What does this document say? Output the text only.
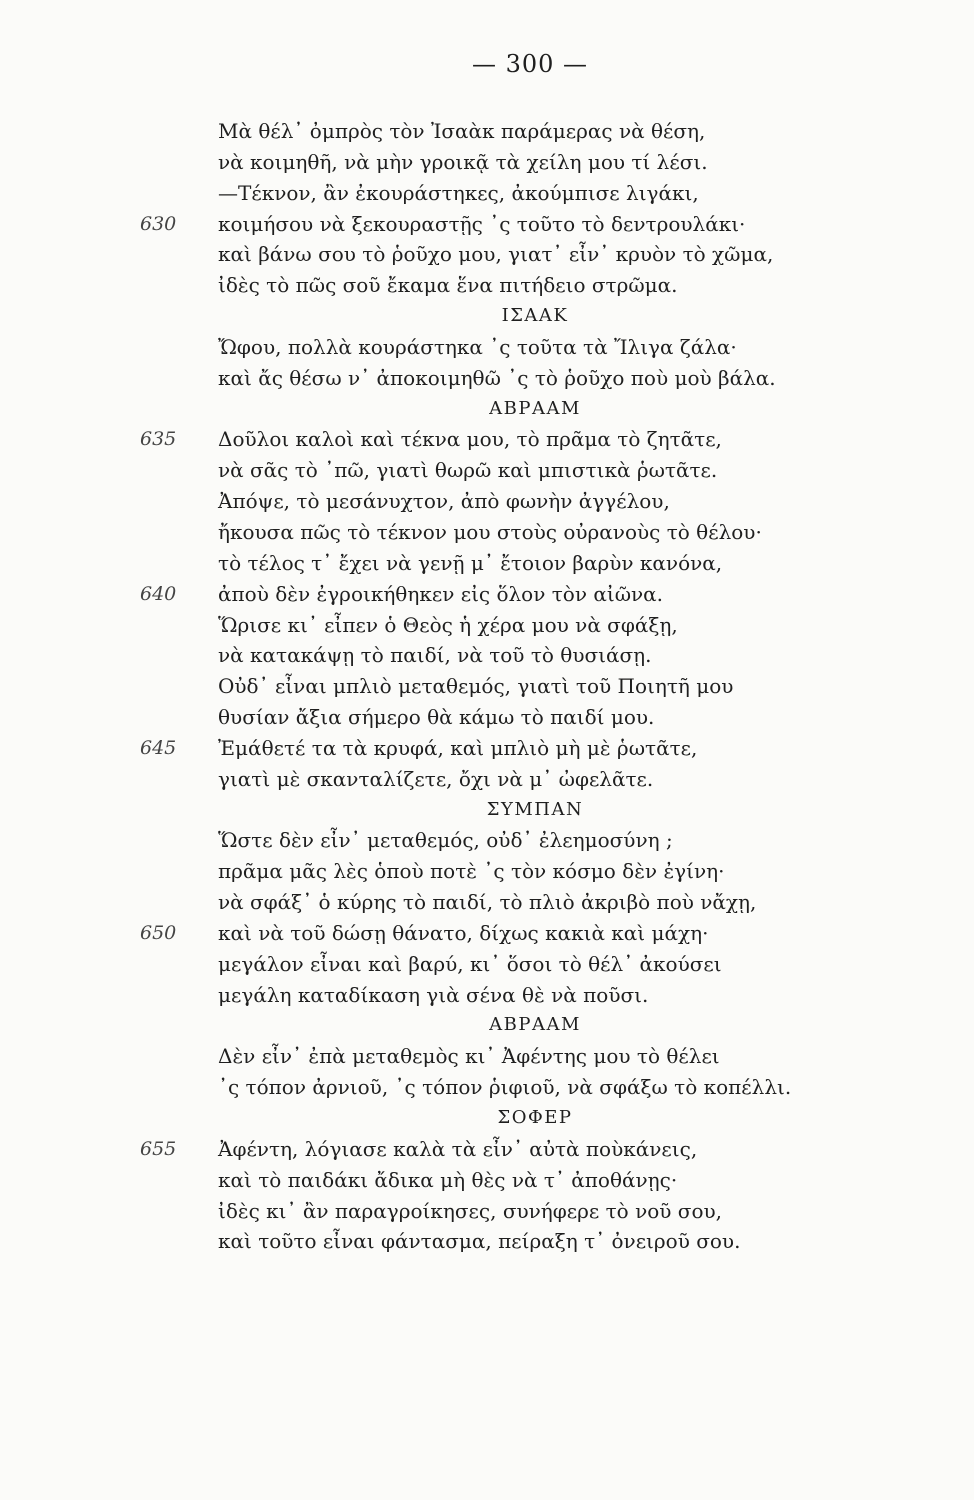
— 300 —
Μὰ θέλ᾿ ὀμπρὸς τὸν Ἰσαὰκ παράμερας νὰ θέση,
νὰ κοιμηθῆ, νὰ μὴν γροικᾷ τὰ χείλη μου τί λέσι.
—Τέκνον, ἂν ἐκουράστηκες, ἀκούμπισε λιγάκι,
630 κοιμήσου νὰ ξεκουραστῇς ᾿ς τοῦτο τὸ δεντρουλάκι·
καὶ βάνω σου τὸ ῥοῦχο μου, γιατ᾿ εἶν᾿ κρυὸν τὸ χῶμα,
ἰδὲς τὸ πῶς σοῦ ἔκαμα ἕνα πιτήδειο στρῶμα.
ΙΣΑΑΚ
Ὤφου, πολλὰ κουράστηκα ᾿ς τοῦτα τὰ Ἴλιγα ζάλα·
καὶ ἄς θέσω ν᾿ ἀποκοιμηθῶ ᾿ς τὸ ῥοῦχο ποὺ μοὺ βάλα.
ΑΒΡΑΑΜ
635 Δοῦλοι καλοὶ καὶ τέκνα μου, τὸ πρᾶμα τὸ ζητᾶτε,
νὰ σᾶς τὸ ᾿πῶ, γιατὶ θωρῶ καὶ μπιστικὰ ῥωτᾶτε.
Ἀπόψε, τὸ μεσάνυχτον, ἀπὸ φωνὴν ἀγγέλου,
ἤκουσα πῶς τὸ τέκνον μου στοὺς οὐρανοὺς τὸ θέλου·
τὸ τέλος τ᾿ ἔχει νὰ γενῇ μ᾿ ἔτοιον βαρὺν κανόνα,
640 ἀποὺ δὲν ἐγροικήθηκεν εἰς ὅλον τὸν αἰῶνα.
Ὥρισε κι᾿ εἶπεν ὁ Θεὸς ἡ χέρα μου νὰ σφάξῃ,
νὰ κατακάψῃ τὸ παιδί, νὰ τοῦ τὸ θυσιάσῃ.
Οὐδ᾿ εἶναι μπλιὸ μεταθεμός, γιατὶ τοῦ Ποιητῆ μου
θυσίαν ἄξια σήμερο θὰ κάμω τὸ παιδί μου.
645 Ἐμάθετέ τα τὰ κρυφά, καὶ μπλιὸ μὴ μὲ ῥωτᾶτε,
γιατὶ μὲ σκανταλίζετε, ὄχι νὰ μ᾿ ὠφελᾶτε.
ΣΥΜΠΑΝ
Ὥστε δὲν εἶν᾿ μεταθεμός, οὐδ᾿ ἐλεημοσύνη ;
πρᾶμα μᾶς λὲς ὁποὺ ποτὲ ᾿ς τὸν κόσμο δὲν ἐγίνη·
νὰ σφάξ᾿ ὁ κύρης τὸ παιδί, τὸ πλιὸ ἀκριβὸ ποὺ νἄχῃ,
650 καὶ νὰ τοῦ δώσῃ θάνατο, δίχως κακιὰ καὶ μάχη·
μεγάλον εἶναι καὶ βαρύ, κι᾿ ὅσοι τὸ θέλ᾿ ἀκούσει
μεγάλη καταδίκαση γιὰ σένα θὲ νὰ ποῦσι.
ΑΒΡΑΑΜ
Δὲν εἶν᾿ ἐπὰ μεταθεμὸς κι᾿ Ἀφέντης μου τὸ θέλει
᾿ς τόπον ἀρνιοῦ, ᾿ς τόπον ῥιφιοῦ, νὰ σφάξω τὸ κοπέλλι.
ΣΟΦΕΡ
655 Ἀφέντη, λόγιασε καλὰ τὰ εἶν᾿ αὐτὰ ποὺκάνεις,
καὶ τὸ παιδάκι ἄδικα μὴ θὲς νὰ τ᾿ ἀποθάνῃς·
ἰδὲς κι᾿ ἂν παραγροίκησες, συνήφερε τὸ νοῦ σου,
καὶ τοῦτο εἶναι φάντασμα, πείραξη τ᾿ ὀνειροῦ σου.
